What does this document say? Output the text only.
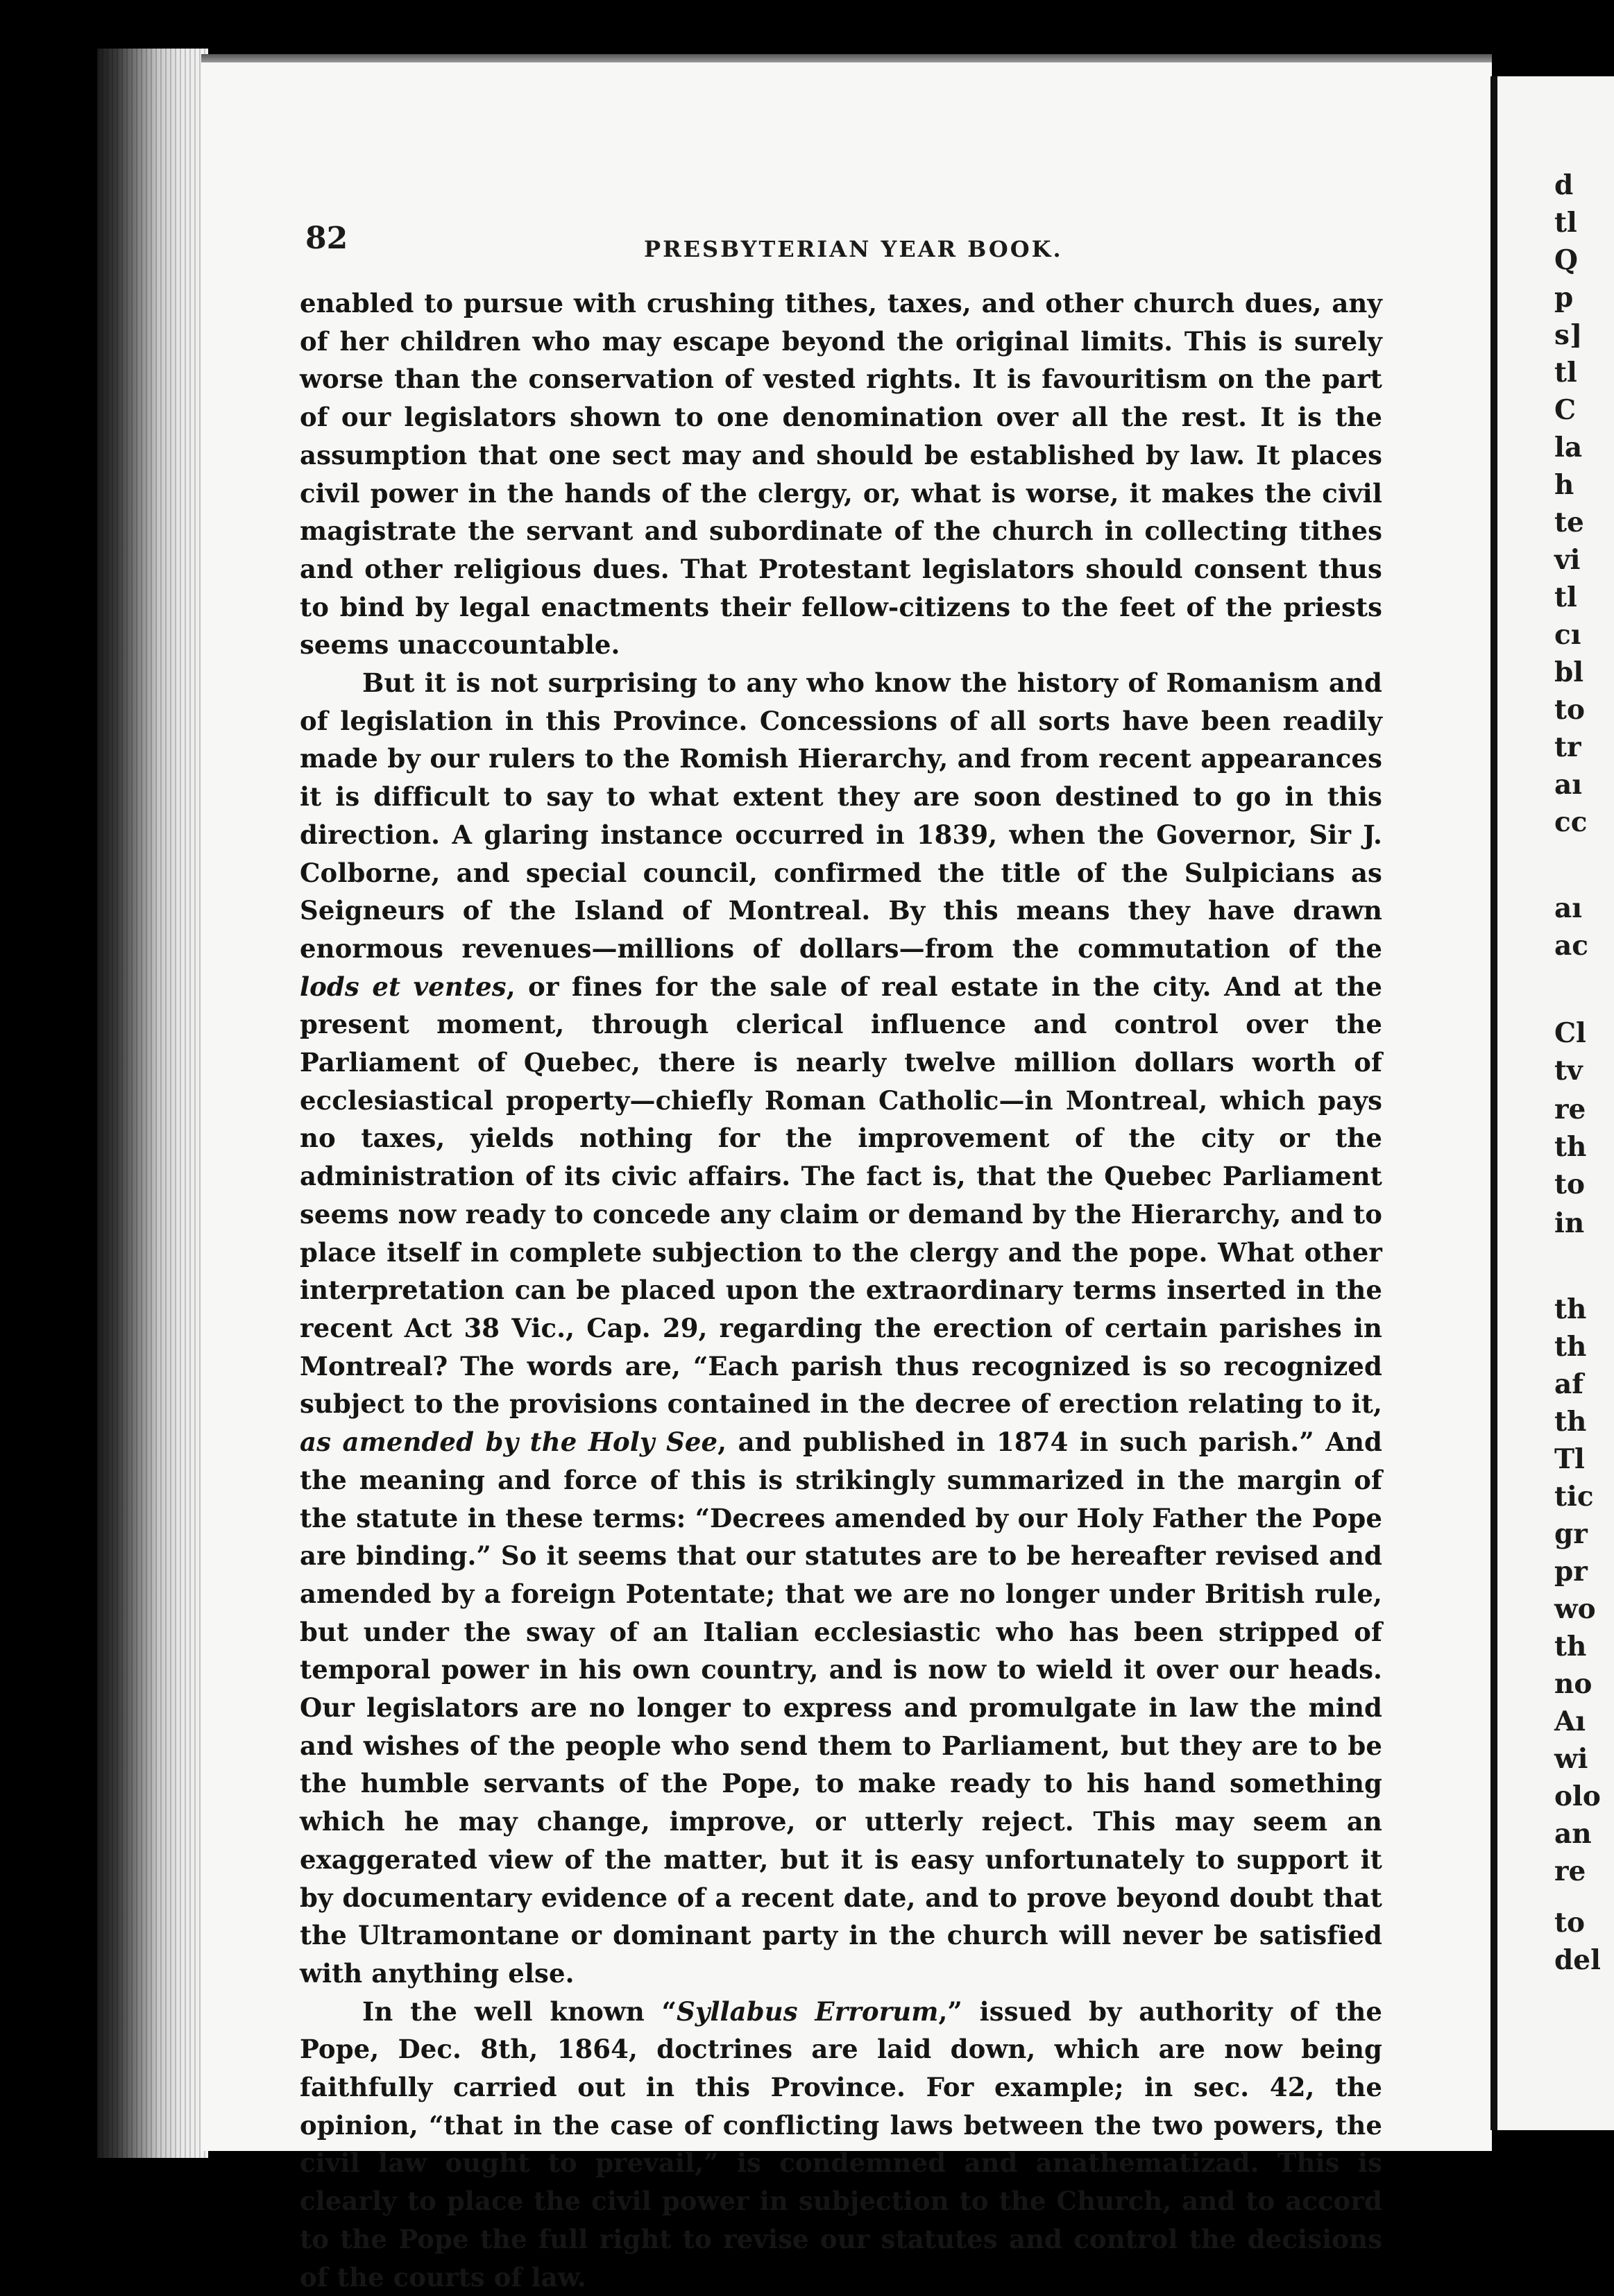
d
tl
Q
p
s]
tl
C
la
h
te
vi
tl
cı
bl
to
tr
aı
cc
aı
ac
Cl
tv
re
th
to
in
th
th
af
th
Tl
tic
gr
pr
wo
th
no
Aı
wi
olo
an
re
to
del
82	PRESBYTERIAN YEAR BOOK.

enabled to pursue with crushing tithes, taxes, and other church dues, any of her children who may escape beyond the original limits. This is surely worse than the conservation of vested rights. It is favouritism on the part of our legislators shown to one denomination over all the rest. It is the assumption that one sect may and should be established by law. It places civil power in the hands of the clergy, or, what is worse, it makes the civil magistrate the servant and subordinate of the church in collecting tithes and other religious dues. That Protestant legislators should consent thus to bind by legal enactments their fellow-citizens to the feet of the priests seems unaccountable.

But it is not surprising to any who know the history of Romanism and of legislation in this Province. Concessions of all sorts have been readily made by our rulers to the Romish Hierarchy, and from recent appearances it is difficult to say to what extent they are soon destined to go in this direction. A glaring instance occurred in 1839, when the Governor, Sir J. Colborne, and special council, confirmed the title of the Sulpicians as Seigneurs of the Island of Montreal. By this means they have drawn enormous revenues—millions of dollars—from the commutation of the lods et ventes, or fines for the sale of real estate in the city. And at the present moment, through clerical influence and control over the Parliament of Quebec, there is nearly twelve million dollars worth of ecclesiastical property—chiefly Roman Catholic—in Montreal, which pays no taxes, yields nothing for the improvement of the city or the administration of its civic affairs. The fact is, that the Quebec Parliament seems now ready to concede any claim or demand by the Hierarchy, and to place itself in complete subjection to the clergy and the pope. What other interpretation can be placed upon the extraordinary terms inserted in the recent Act 38 Vic., Cap. 29, regarding the erection of certain parishes in Montreal? The words are, “Each parish thus recognized is so recognized subject to the provisions contained in the decree of erection relating to it, as amended by the Holy See, and published in 1874 in such parish.” And the meaning and force of this is strikingly summarized in the margin of the statute in these terms: “Decrees amended by our Holy Father the Pope are binding.” So it seems that our statutes are to be hereafter revised and amended by a foreign Potentate; that we are no longer under British rule, but under the sway of an Italian ecclesiastic who has been stripped of temporal power in his own country, and is now to wield it over our heads. Our legislators are no longer to express and promulgate in law the mind and wishes of the people who send them to Parliament, but they are to be the humble servants of the Pope, to make ready to his hand something which he may change, improve, or utterly reject. This may seem an exaggerated view of the matter, but it is easy unfortunately to support it by documentary evidence of a recent date, and to prove beyond doubt that the Ultramontane or dominant party in the church will never be satisfied with anything else.

In the well known “Syllabus Errorum,” issued by authority of the Pope, Dec. 8th, 1864, doctrines are laid down, which are now being faithfully carried out in this Province. For example; in sec. 42, the opinion, “that in the case of conflicting laws between the two powers, the civil law ought to prevail,” is condemned and anathematizad. This is clearly to place the civil power in subjection to the Church, and to accord to the Pope the full right to revise our statutes and control the decisions of the courts of law.
